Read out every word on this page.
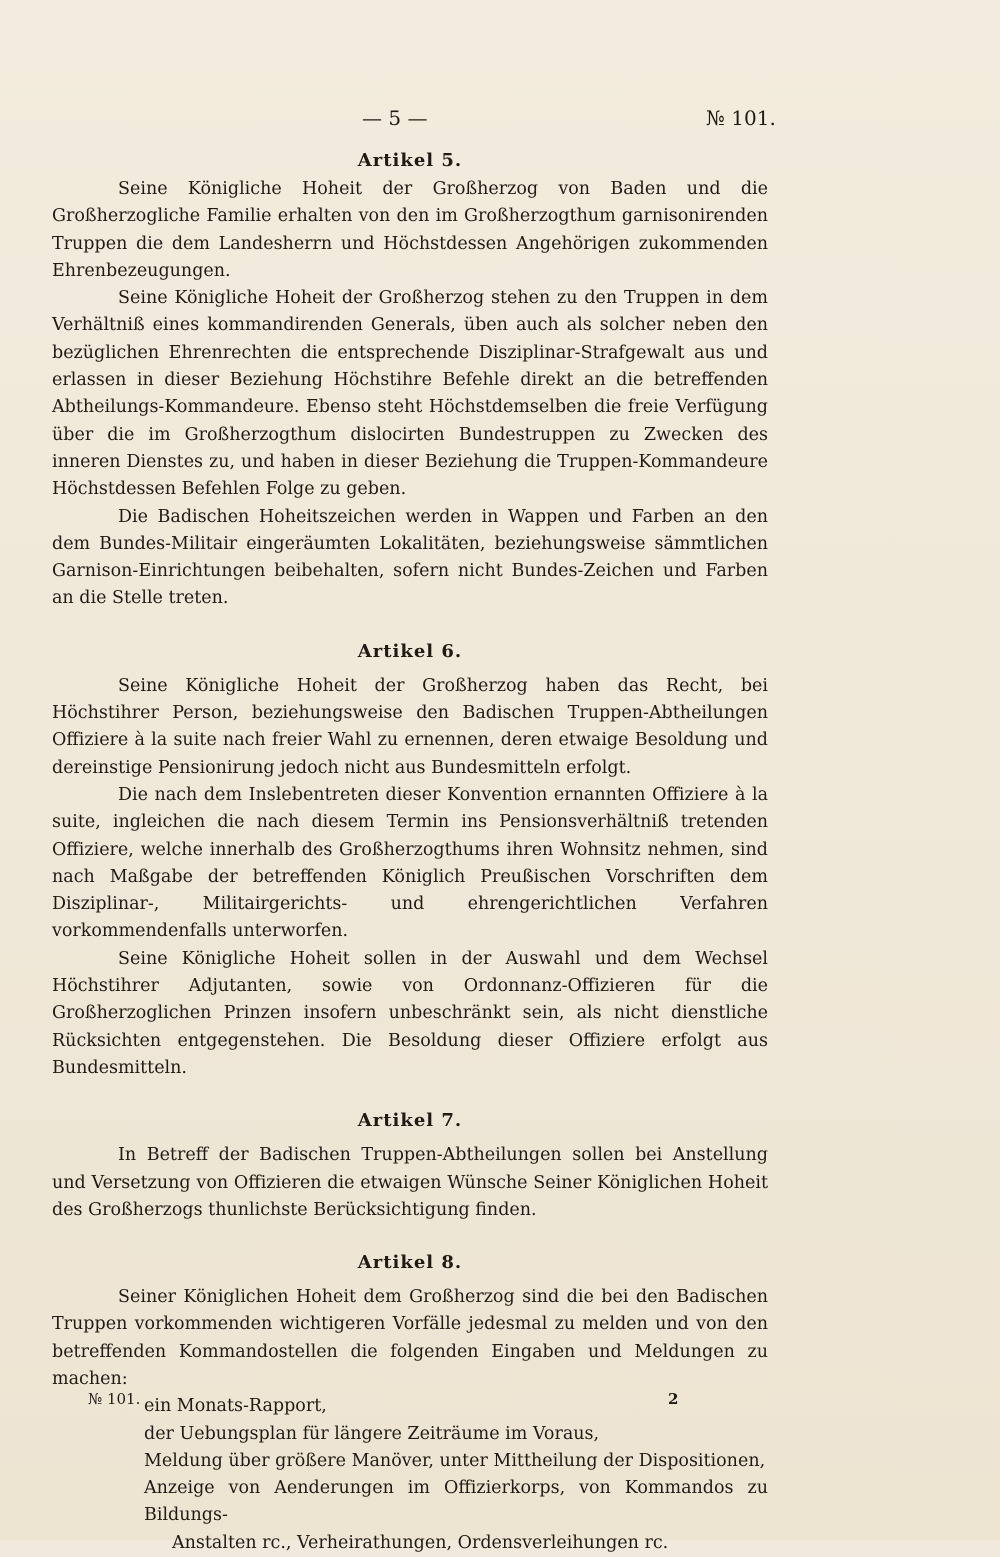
— 5 —	№ 101.
Artikel 5.

Seine Königliche Hoheit der Großherzog von Baden und die Großherzogliche Familie erhalten von den im Großherzogthum garnisonirenden Truppen die dem Landesherrn und Höchstdessen Angehörigen zukommenden Ehrenbezeugungen.

Seine Königliche Hoheit der Großherzog stehen zu den Truppen in dem Verhältniß eines kommandirenden Generals, üben auch als solcher neben den bezüglichen Ehrenrechten die entsprechende Disziplinar-Strafgewalt aus und erlassen in dieser Beziehung Höchstihre Befehle direkt an die betreffenden Abtheilungs-Kommandeure. Ebenso steht Höchstdemselben die freie Verfügung über die im Großherzogthum dislocirten Bundestruppen zu Zwecken des inneren Dienstes zu, und haben in dieser Beziehung die Truppen-Kommandeure Höchstdessen Befehlen Folge zu geben.

Die Badischen Hoheitszeichen werden in Wappen und Farben an den dem Bundes-Militair eingeräumten Lokalitäten, beziehungsweise sämmtlichen Garnison-Einrichtungen beibehalten, sofern nicht Bundes-Zeichen und Farben an die Stelle treten.

Artikel 6.

Seine Königliche Hoheit der Großherzog haben das Recht, bei Höchstihrer Person, beziehungsweise den Badischen Truppen-Abtheilungen Offiziere à la suite nach freier Wahl zu ernennen, deren etwaige Besoldung und dereinstige Pensionirung jedoch nicht aus Bundesmitteln erfolgt.

Die nach dem Inslebentreten dieser Konvention ernannten Offiziere à la suite, ingleichen die nach diesem Termin ins Pensionsverhältniß tretenden Offiziere, welche innerhalb des Großherzogthums ihren Wohnsitz nehmen, sind nach Maßgabe der betreffenden Königlich Preußischen Vorschriften dem Disziplinar-, Militairgerichts- und ehrengerichtlichen Verfahren vorkommendenfalls unterworfen.

Seine Königliche Hoheit sollen in der Auswahl und dem Wechsel Höchstihrer Adjutanten, sowie von Ordonnanz-Offizieren für die Großherzoglichen Prinzen insofern unbeschränkt sein, als nicht dienstliche Rücksichten entgegenstehen. Die Besoldung dieser Offiziere erfolgt aus Bundesmitteln.

Artikel 7.

In Betreff der Badischen Truppen-Abtheilungen sollen bei Anstellung und Versetzung von Offizieren die etwaigen Wünsche Seiner Königlichen Hoheit des Großherzogs thunlichste Berücksichtigung finden.

Artikel 8.

Seiner Königlichen Hoheit dem Großherzog sind die bei den Badischen Truppen vorkommenden wichtigeren Vorfälle jedesmal zu melden und von den betreffenden Kommandostellen die folgenden Eingaben und Meldungen zu machen:

ein Monats-Rapport,
der Uebungsplan für längere Zeiträume im Voraus,
Meldung über größere Manöver, unter Mittheilung der Dispositionen,
Anzeige von Aenderungen im Offizierkorps, von Kommandos zu Bildungs-
Anstalten rc., Verheirathungen, Ordensverleihungen rc.
№ 101.	2
